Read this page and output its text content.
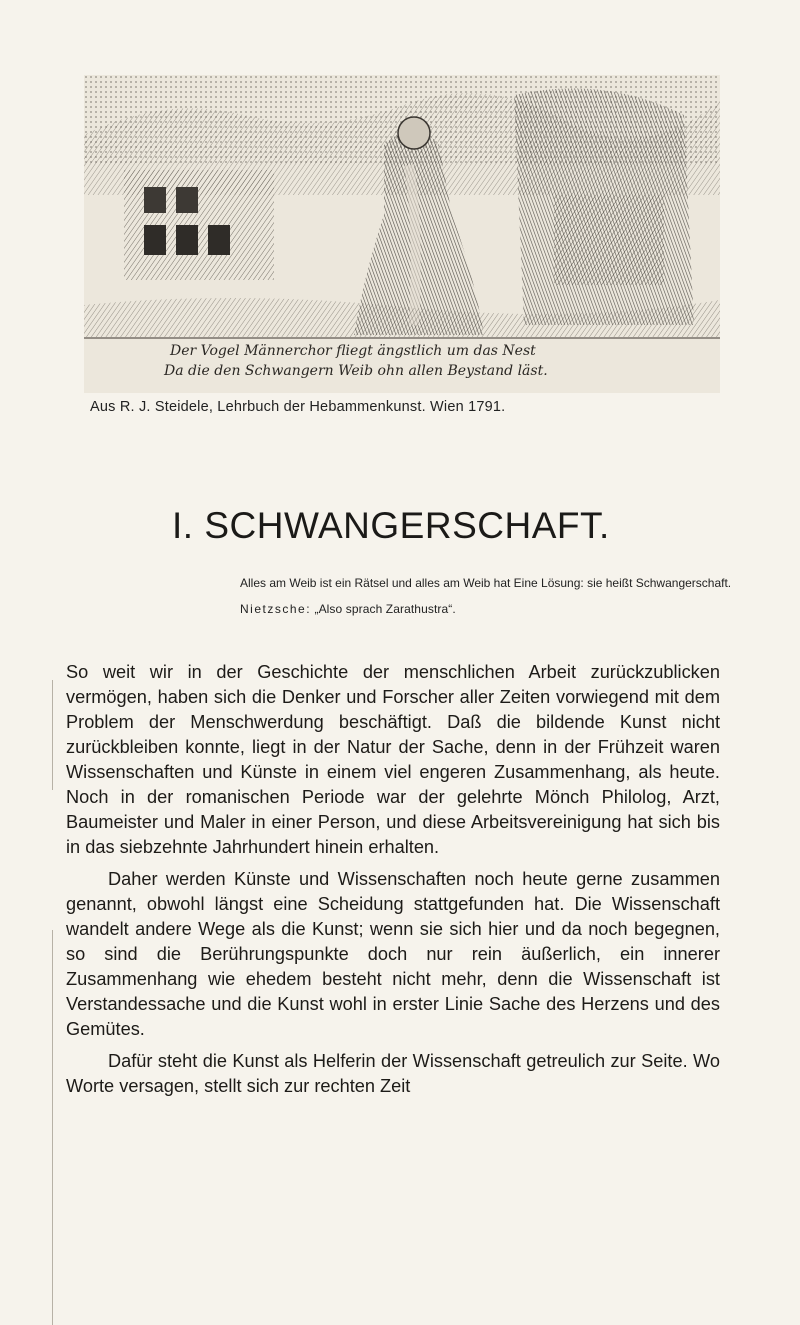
Der Vogel Männerchor fliegt ängstlich um das Nest
Da die den Schwangern Weib ohn allen Beystand läst.
Aus R. J. Steidele, Lehrbuch der Hebammenkunst. Wien 1791.
I. SCHWANGERSCHAFT.
Alles am Weib ist ein Rätsel und alles am Weib hat Eine Lösung: sie heißt Schwangerschaft.
Nietzsche: „Also sprach Zarathustra“.

So weit wir in der Geschichte der menschlichen Arbeit zurückzublicken vermögen, haben sich die Denker und Forscher aller Zeiten vorwiegend mit dem Problem der Menschwerdung beschäftigt. Daß die bildende Kunst nicht zurückbleiben konnte, liegt in der Natur der Sache, denn in der Frühzeit waren Wissenschaften und Künste in einem viel engeren Zusammenhang, als heute. Noch in der romanischen Periode war der gelehrte Mönch Philolog, Arzt, Baumeister und Maler in einer Person, und diese Arbeitsvereinigung hat sich bis in das siebzehnte Jahrhundert hinein erhalten.

Daher werden Künste und Wissenschaften noch heute gerne zusammen genannt, obwohl längst eine Scheidung stattgefunden hat. Die Wissenschaft wandelt andere Wege als die Kunst; wenn sie sich hier und da noch begegnen, so sind die Berührungspunkte doch nur rein äußerlich, ein innerer Zusammenhang wie ehedem besteht nicht mehr, denn die Wissenschaft ist Verstandessache und die Kunst wohl in erster Linie Sache des Herzens und des Gemütes.

Dafür steht die Kunst als Helferin der Wissenschaft getreulich zur Seite. Wo Worte versagen, stellt sich zur rechten Zeit
